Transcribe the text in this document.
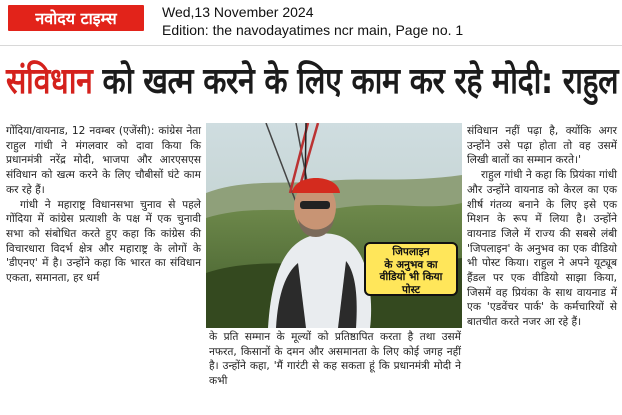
नवोदय टाइम्स	Wed,13 November 2024
Edition: the navodayatimes ncr main, Page no. 1
संविधान को खत्म करने के लिए काम कर रहे मोदी: राहुल

गोंदिया/वायनाड, 12 नवम्बर (एजेंसी): कांग्रेस नेता राहुल गांधी ने मंगलवार को दावा किया कि प्रधानमंत्री नरेंद्र मोदी, भाजपा और आरएसएस संविधान को खत्म करने के लिए चौबीसों घंटे काम कर रहे हैं।

गांधी ने महाराष्ट्र विधानसभा चुनाव से पहले गोंदिया में कांग्रेस प्रत्याशी के पक्ष में एक चुनावी सभा को संबोधित करते हुए कहा कि कांग्रेस की विचारधारा विदर्भ क्षेत्र और महाराष्ट्र के लोगों के 'डीएनए' में है। उन्होंने कहा कि भारत का संविधान एकता, समानता, हर धर्म

जिपलाइन
के अनुभव का
वीडियो भी किया
पोस्ट

के प्रति सम्मान के मूल्यों को प्रतिष्ठापित करता है तथा उसमें नफरत, किसानों के दमन और असमानता के लिए कोई जगह नहीं है। उन्होंने कहा, 'मैं गारंटी से कह सकता हूं कि प्रधानमंत्री मोदी ने कभी

संविधान नहीं पढ़ा है, क्योंकि अगर उन्होंने उसे पढ़ा होता तो वह उसमें लिखी बातों का सम्मान करते।'

राहुल गांधी ने कहा कि प्रियंका गांधी और उन्होंने वायनाड को केरल का एक शीर्ष गंतव्य बनाने के लिए इसे एक मिशन के रूप में लिया है। उन्होंने वायनाड जिले में राज्य की सबसे लंबी 'जिपलाइन' के अनुभव का एक वीडियो भी पोस्ट किया। राहुल ने अपने यूट्यूब हैंडल पर एक वीडियो साझा किया, जिसमें वह प्रियंका के साथ वायनाड में एक 'एडवेंचर पार्क' के कर्मचारियों से बातचीत करते नजर आ रहे हैं।
